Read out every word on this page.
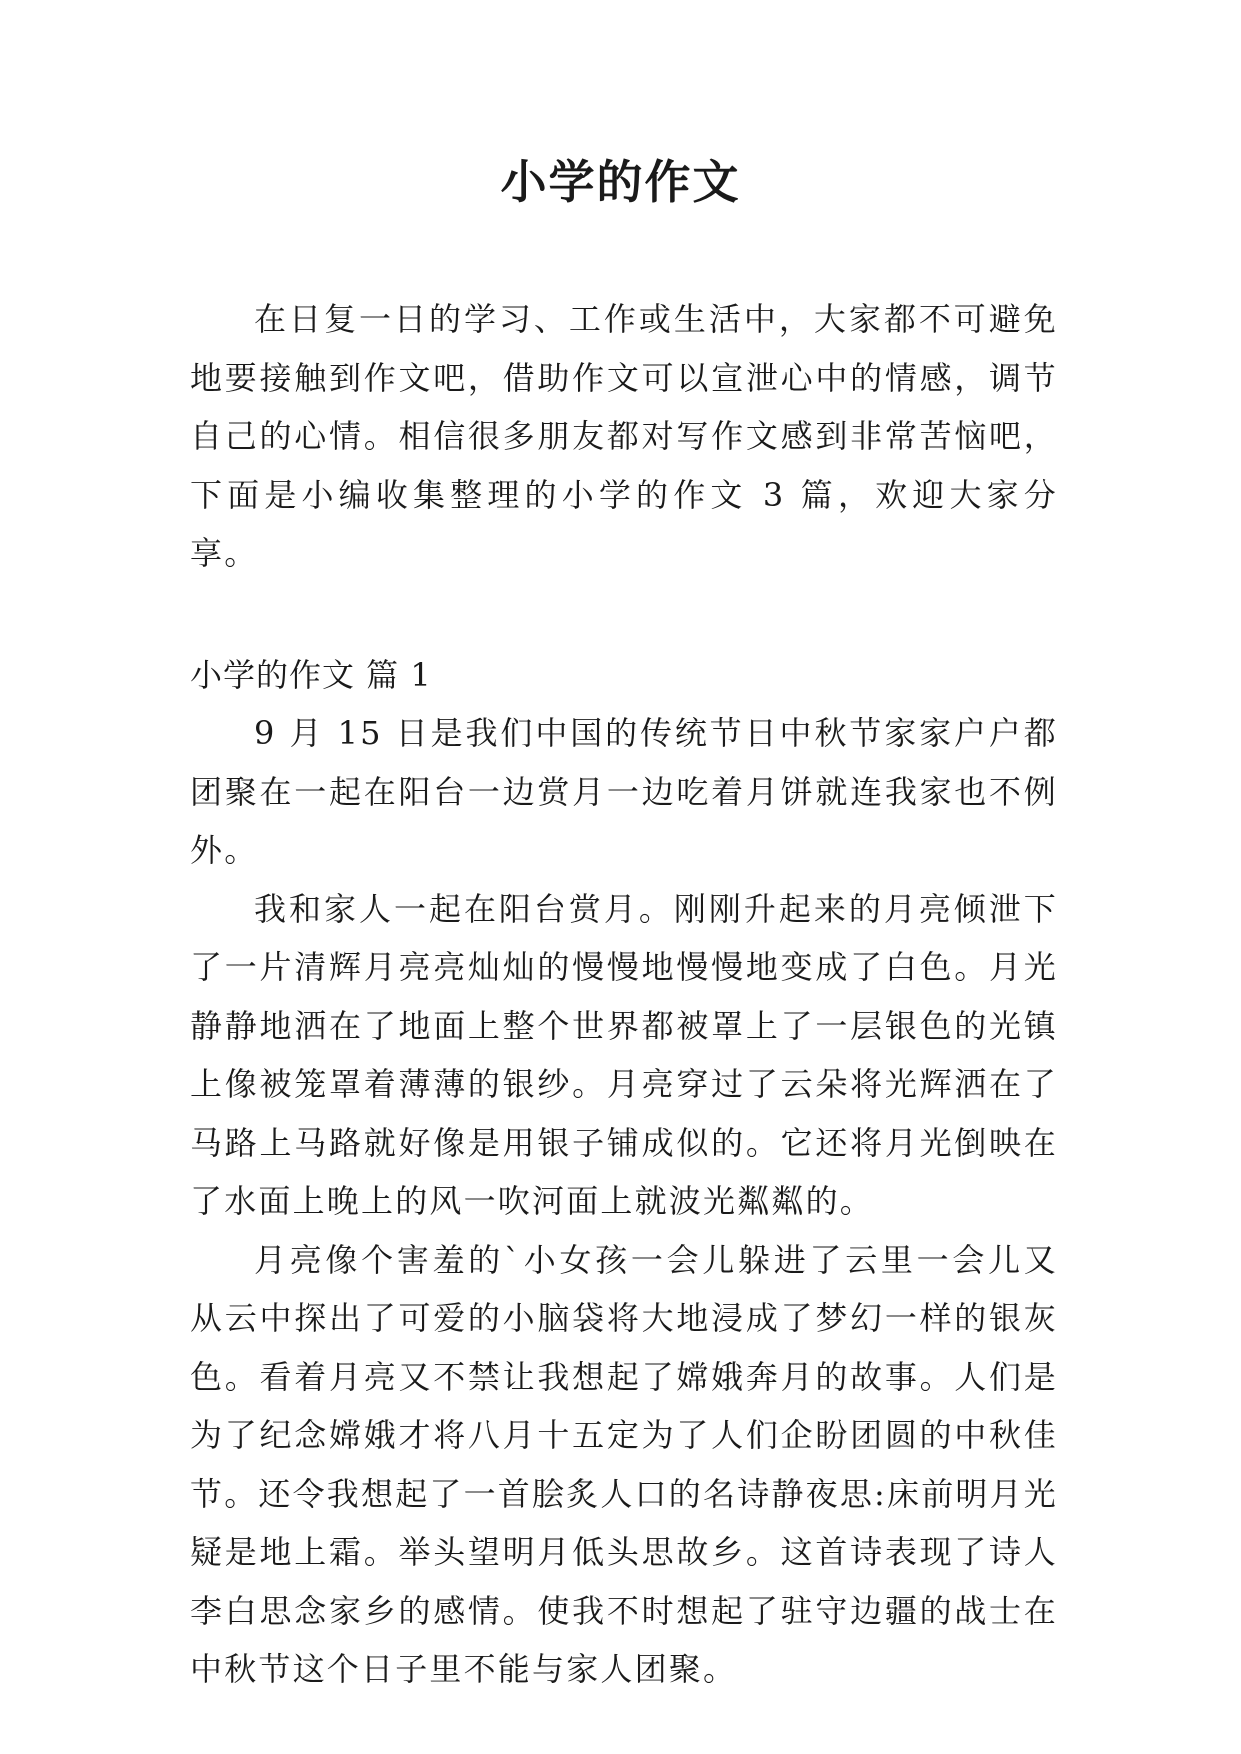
小学的作文

在日复一日的学习、工作或生活中，大家都不可避免地要接触到作文吧，借助作文可以宣泄心中的情感，调节自己的心情。相信很多朋友都对写作文感到非常苦恼吧，下面是小编收集整理的小学的作文 3 篇，欢迎大家分享。

小学的作文 篇 1

9 月 15 日是我们中国的传统节日中秋节家家户户都团聚在一起在阳台一边赏月一边吃着月饼就连我家也不例外。

我和家人一起在阳台赏月。刚刚升起来的月亮倾泄下了一片清辉月亮亮灿灿的慢慢地慢慢地变成了白色。月光静静地洒在了地面上整个世界都被罩上了一层银色的光镇上像被笼罩着薄薄的银纱。月亮穿过了云朵将光辉洒在了马路上马路就好像是用银子铺成似的。它还将月光倒映在了水面上晚上的风一吹河面上就波光粼粼的。

月亮像个害羞的`小女孩一会儿躲进了云里一会儿又从云中探出了可爱的小脑袋将大地浸成了梦幻一样的银灰色。看着月亮又不禁让我想起了嫦娥奔月的故事。人们是为了纪念嫦娥才将八月十五定为了人们企盼团圆的中秋佳节。还令我想起了一首脍炙人口的名诗静夜思:床前明月光疑是地上霜。举头望明月低头思故乡。这首诗表现了诗人李白思念家乡的感情。使我不时想起了驻守边疆的战士在中秋节这个日子里不能与家人团聚。
